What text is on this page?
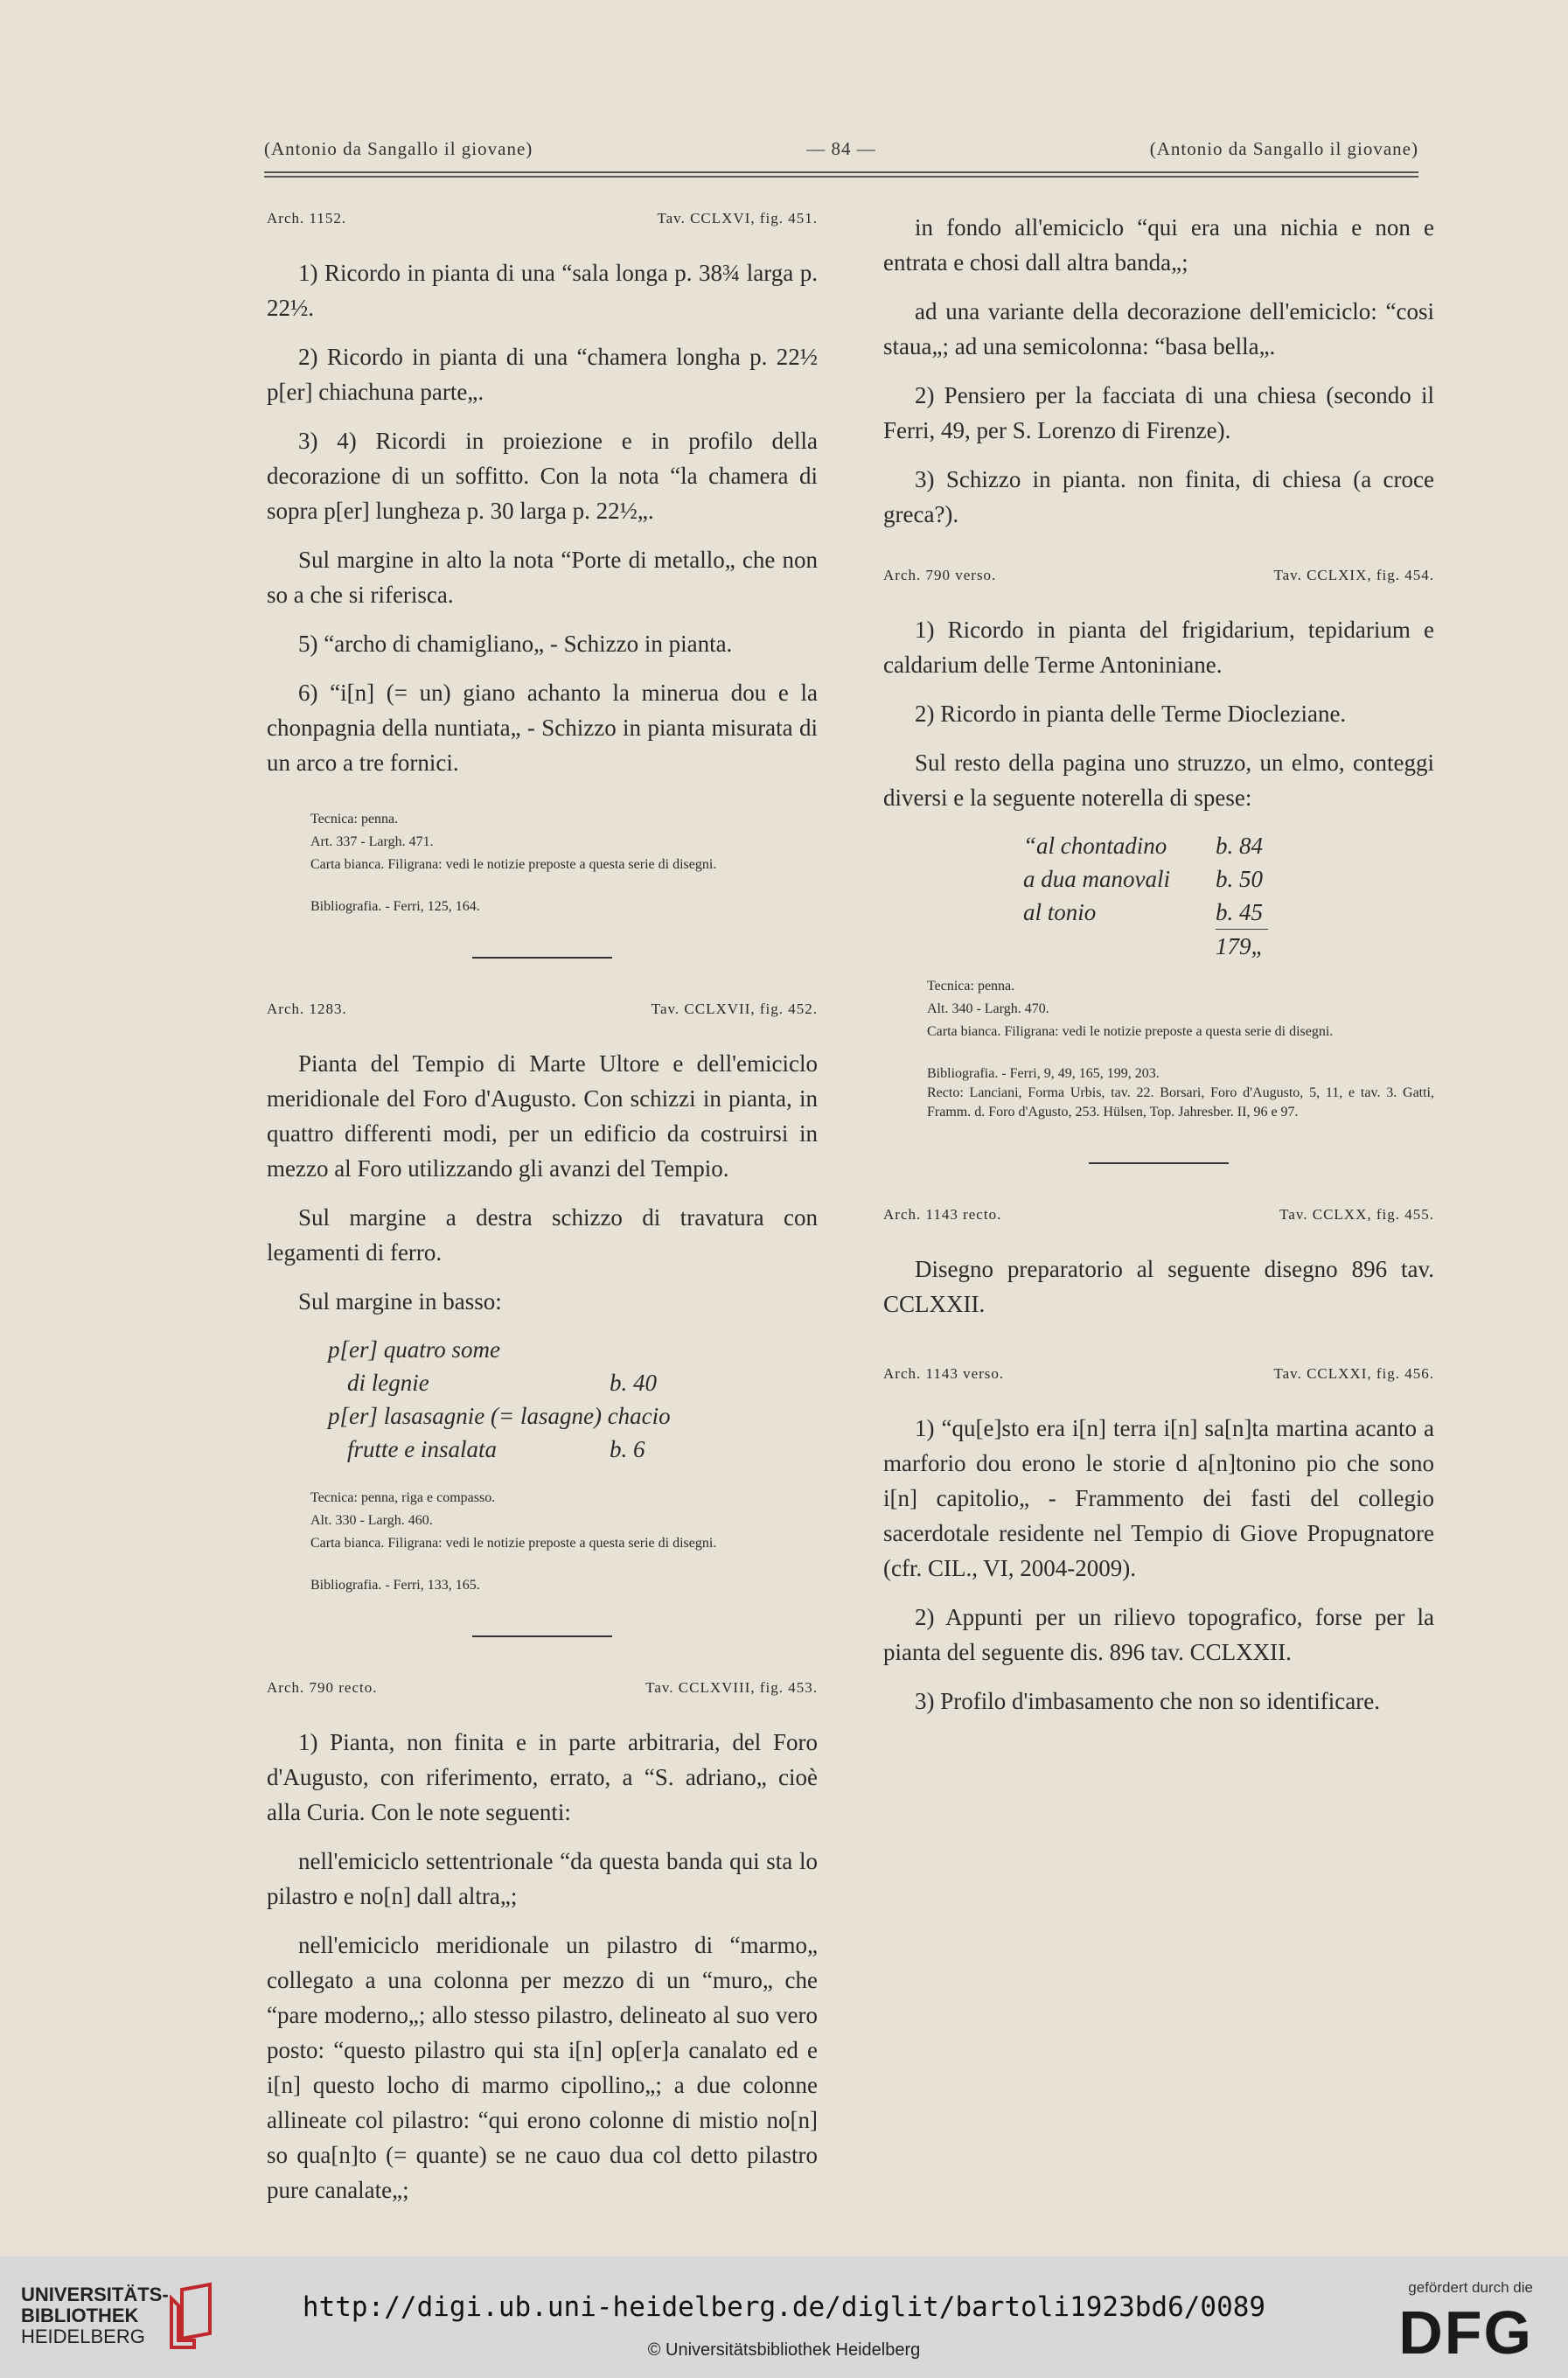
(Antonio da Sangallo il giovane)	— 84 —	(Antonio da Sangallo il giovane)
Arch. 1152.	Tav. CCLXVI, fig. 451.

1) Ricordo in pianta di una “sala longa p. 38¾ larga p. 22½.

2) Ricordo in pianta di una “chamera longha p. 22½ p[er] chiachuna parte„.

3) 4) Ricordi in proiezione e in profilo della decorazione di un soffitto. Con la nota “la chamera di sopra p[er] lungheza p. 30 larga p. 22½„.

Sul margine in alto la nota “Porte di metallo„ che non so a che si riferisca.

5) “archo di chamigliano„ - Schizzo in pianta.

6) “i[n] (= un) giano achanto la minerua dou e la chonpagnia della nuntiata„ - Schizzo in pianta misurata di un arco a tre fornici.

Tecnica: penna.

Art. 337 - Largh. 471.

Carta bianca. Filigrana: vedi le notizie preposte a questa serie di disegni.

Bibliografia. - Ferri, 125, 164.

Arch. 1283.	Tav. CCLXVII, fig. 452.

Pianta del Tempio di Marte Ultore e dell'emiciclo meridionale del Foro d'Augusto. Con schizzi in pianta, in quattro differenti modi, per un edificio da costruirsi in mezzo al Foro utilizzando gli avanzi del Tempio.

Sul margine a destra schizzo di travatura con legamenti di ferro.

Sul margine in basso:

p[er] quatro some
di legnie	b. 40
p[er] lasasagnie (= lasagne) chacio
frutte e insalata	b. 6

Tecnica: penna, riga e compasso.

Alt. 330 - Largh. 460.

Carta bianca. Filigrana: vedi le notizie preposte a questa serie di disegni.

Bibliografia. - Ferri, 133, 165.

Arch. 790 recto.	Tav. CCLXVIII, fig. 453.

1) Pianta, non finita e in parte arbitraria, del Foro d'Augusto, con riferimento, errato, a “S. adriano„ cioè alla Curia. Con le note seguenti:

nell'emiciclo settentrionale “da questa banda qui sta lo pilastro e no[n] dall altra„;

nell'emiciclo meridionale un pilastro di “marmo„ collegato a una colonna per mezzo di un “muro„ che “pare moderno„; allo stesso pilastro, delineato al suo vero posto: “questo pilastro qui sta i[n] op[er]a canalato ed e i[n] questo locho di marmo cipollino„; a due colonne allineate col pilastro: “qui erono colonne di mistio no[n] so qua[n]to (= quante) se ne cauo dua col detto pilastro pure canalate„;

in fondo all'emiciclo “qui era una nichia e non e entrata e chosi dall altra banda„;

ad una variante della decorazione dell'emiciclo: “cosi staua„; ad una semicolonna: “basa bella„.

2) Pensiero per la facciata di una chiesa (secondo il Ferri, 49, per S. Lorenzo di Firenze).

3) Schizzo in pianta. non finita, di chiesa (a croce greca?).

Arch. 790 verso.	Tav. CCLXIX, fig. 454.

1) Ricordo in pianta del frigidarium, tepidarium e caldarium delle Terme Antoniniane.

2) Ricordo in pianta delle Terme Diocleziane.

Sul resto della pagina uno struzzo, un elmo, conteggi diversi e la seguente noterella di spese:

“al chontadino	b. 84
a dua manovali	b. 50
al tonio	b. 45
179„

Tecnica: penna.

Alt. 340 - Largh. 470.

Carta bianca. Filigrana: vedi le notizie preposte a questa serie di disegni.

Bibliografia. - Ferri, 9, 49, 165, 199, 203.

Recto: Lanciani, Forma Urbis, tav. 22. Borsari, Foro d'Augusto, 5, 11, e tav. 3. Gatti, Framm. d. Foro d'Agusto, 253. Hülsen, Top. Jahresber. II, 96 e 97.

Arch. 1143 recto.	Tav. CCLXX, fig. 455.

Disegno preparatorio al seguente disegno 896 tav. CCLXXII.

Arch. 1143 verso.	Tav. CCLXXI, fig. 456.

1) “qu[e]sto era i[n] terra i[n] sa[n]ta martina acanto a marforio dou erono le storie d a[n]tonino pio che sono i[n] capitolio„ - Frammento dei fasti del collegio sacerdotale residente nel Tempio di Giove Propugnatore (cfr. CIL., VI, 2004-2009).

2) Appunti per un rilievo topografico, forse per la pianta del seguente dis. 896 tav. CCLXXII.

3) Profilo d'imbasamento che non so identificare.

UNIVERSITÄTS-
BIBLIOTHEK
HEIDELBERG
http://digi.ub.uni-heidelberg.de/diglit/bartoli1923bd6/0089
© Universitätsbibliothek Heidelberg
gefördert durch die
DFG
